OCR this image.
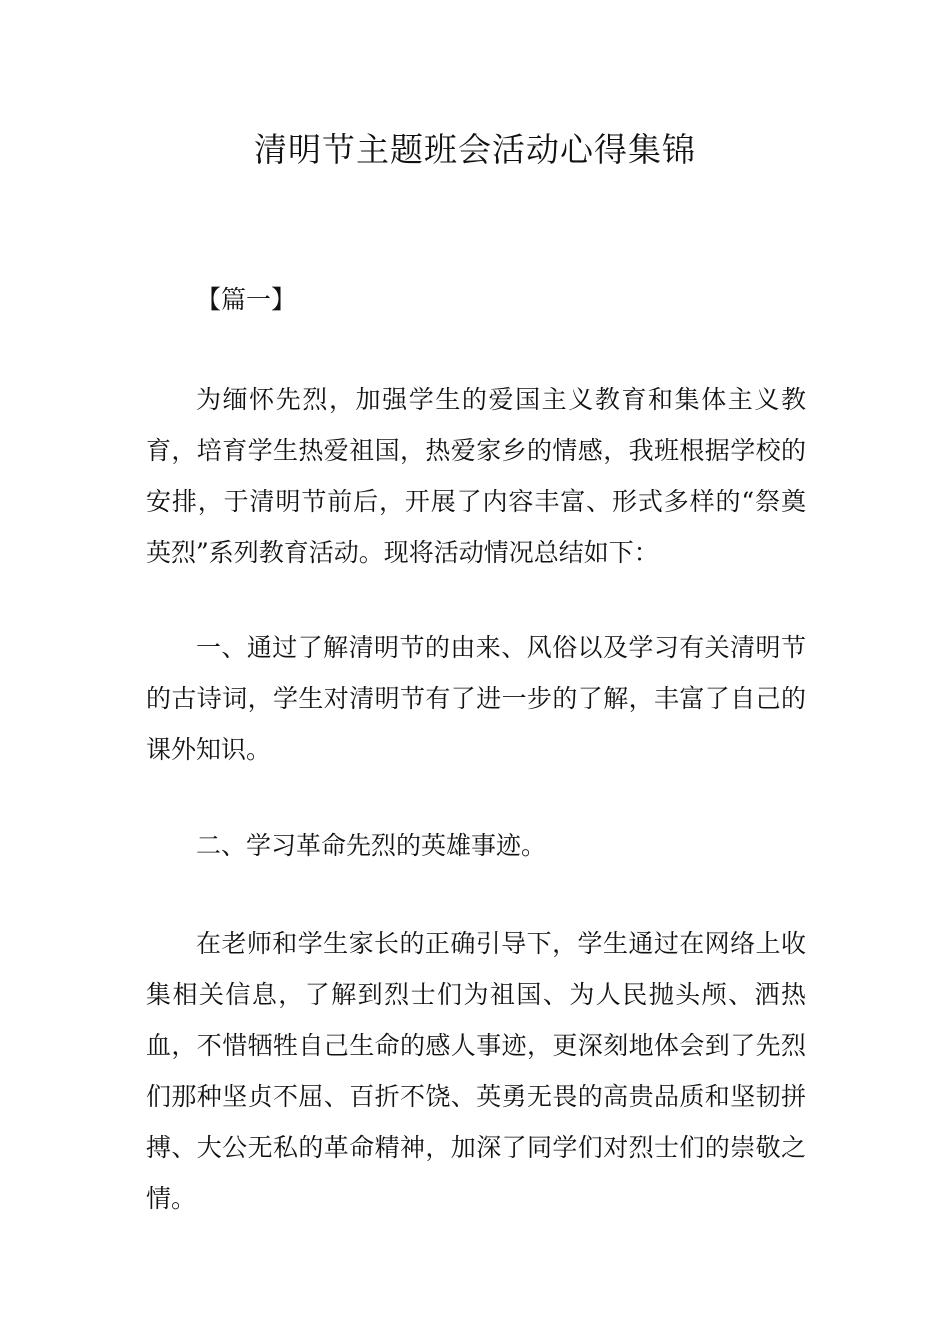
清明节主题班会活动心得集锦

【篇一】

为缅怀先烈，加强学生的爱国主义教育和集体主义教育，培育学生热爱祖国，热爱家乡的情感，我班根据学校的安排，于清明节前后，开展了内容丰富、形式多样的“祭奠英烈”系列教育活动。现将活动情况总结如下：

一、通过了解清明节的由来、风俗以及学习有关清明节的古诗词，学生对清明节有了进一步的了解，丰富了自己的课外知识。

二、学习革命先烈的英雄事迹。

在老师和学生家长的正确引导下，学生通过在网络上收集相关信息，了解到烈士们为祖国、为人民抛头颅、洒热血，不惜牺牲自己生命的感人事迹，更深刻地体会到了先烈们那种坚贞不屈、百折不饶、英勇无畏的高贵品质和坚韧拼搏、大公无私的革命精神，加深了同学们对烈士们的崇敬之情。
